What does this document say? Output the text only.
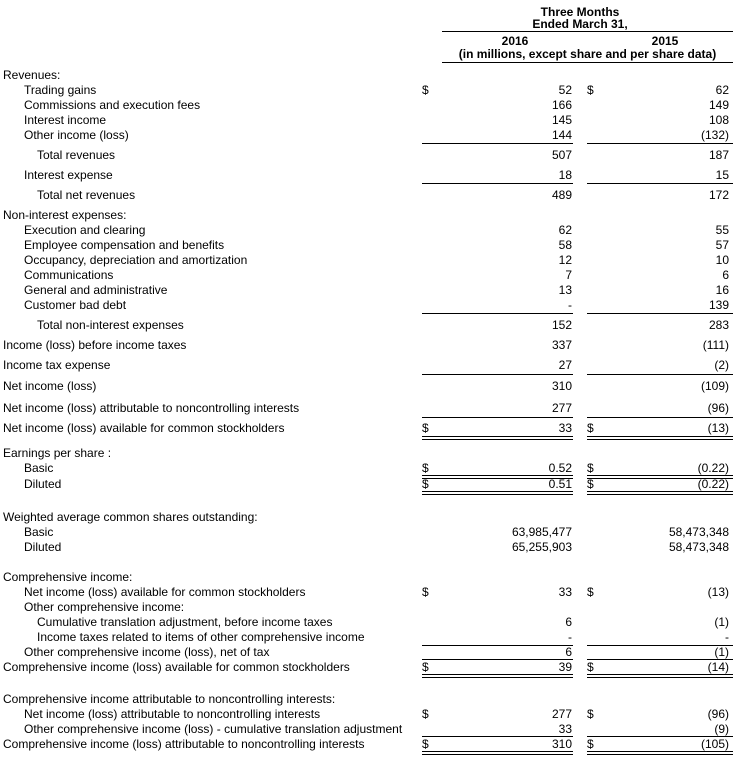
Three Months
Ended March 31,
2016	2015
(in millions, except share and per share data)
Revenues:
Trading gains	$	52 $	62
Commissions and execution fees	166	149
Interest income	145	108
Other income (loss)	144	(132)
Total revenues	507	187
Interest expense	18	15
Total net revenues	489	172
Non-interest expenses:
Execution and clearing	62	55
Employee compensation and benefits	58	57
Occupancy, depreciation and amortization	12	10
Communications	7	6
General and administrative	13	16
Customer bad debt	-	139
Total non-interest expenses	152	283
Income (loss) before income taxes	337	(111)
Income tax expense	27	(2)
Net income (loss)	310	(109)
Net income (loss) attributable to noncontrolling interests	277	(96)
Net income (loss) available for common stockholders	$	33 $	(13)
Earnings per share :
Basic	$	0.52 $	(0.22)
Diluted	$	0.51 $	(0.22)
Weighted average common shares outstanding:
Basic	63,985,477	58,473,348
Diluted	65,255,903	58,473,348
Comprehensive income:
Net income (loss) available for common stockholders	$	33 $	(13)
Other comprehensive income:
Cumulative translation adjustment, before income taxes	6	(1)
Income taxes related to items of other comprehensive income	-	-
Other comprehensive income (loss), net of tax	6	(1)
Comprehensive income (loss) available for common stockholders	$	39 $	(14)
Comprehensive income attributable to noncontrolling interests:
Net income (loss) attributable to noncontrolling interests	$	277 $	(96)
Other comprehensive income (loss) - cumulative translation adjustment	33	(9)
Comprehensive income (loss) attributable to noncontrolling interests	$	310 $	(105)
